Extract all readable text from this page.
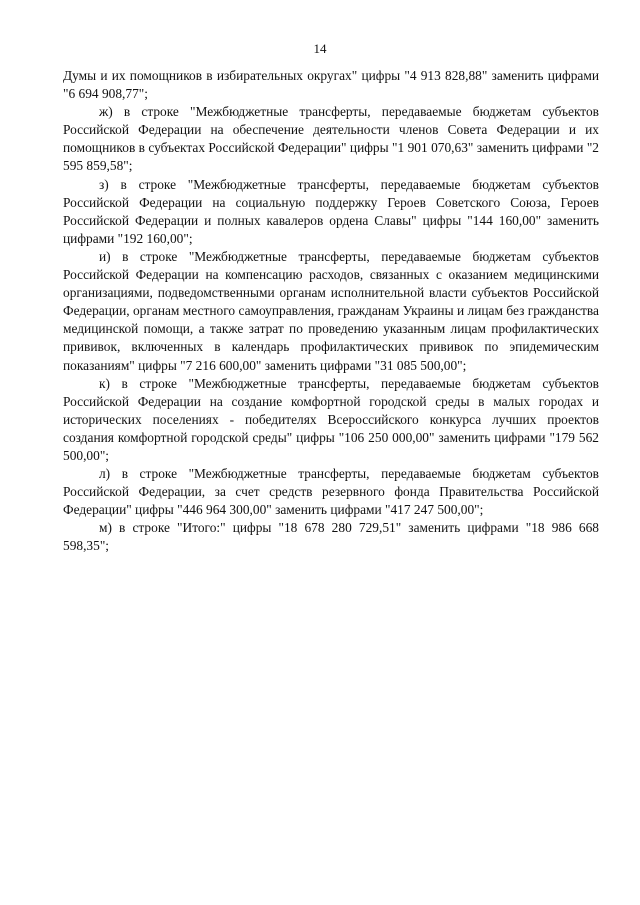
14

Думы и их помощников в избирательных округах" цифры "4 913 828,88" заменить цифрами "6 694 908,77";

ж) в строке "Межбюджетные трансферты, передаваемые бюджетам субъектов Российской Федерации на обеспечение деятельности членов Совета Федерации и их помощников в субъектах Российской Федерации" цифры "1 901 070,63" заменить цифрами "2 595 859,58";

з) в строке "Межбюджетные трансферты, передаваемые бюджетам субъектов Российской Федерации на социальную поддержку Героев Советского Союза, Героев Российской Федерации и полных кавалеров ордена Славы" цифры "144 160,00" заменить цифрами "192 160,00";

и) в строке "Межбюджетные трансферты, передаваемые бюджетам субъектов Российской Федерации на компенсацию расходов, связанных с оказанием медицинскими организациями, подведомственными органам исполнительной власти субъектов Российской Федерации, органам местного самоуправления, гражданам Украины и лицам без гражданства медицинской помощи, а также затрат по проведению указанным лицам профилактических прививок, включенных в календарь профилактических прививок по эпидемическим показаниям" цифры "7 216 600,00" заменить цифрами "31 085 500,00";

к) в строке "Межбюджетные трансферты, передаваемые бюджетам субъектов Российской Федерации на создание комфортной городской среды в малых городах и исторических поселениях - победителях Всероссийского конкурса лучших проектов создания комфортной городской среды" цифры "106 250 000,00" заменить цифрами "179 562 500,00";

л) в строке "Межбюджетные трансферты, передаваемые бюджетам субъектов Российской Федерации, за счет средств резервного фонда Правительства Российской Федерации" цифры "446 964 300,00" заменить цифрами "417 247 500,00";

м) в строке "Итого:" цифры "18 678 280 729,51" заменить цифрами "18 986 668 598,35";
